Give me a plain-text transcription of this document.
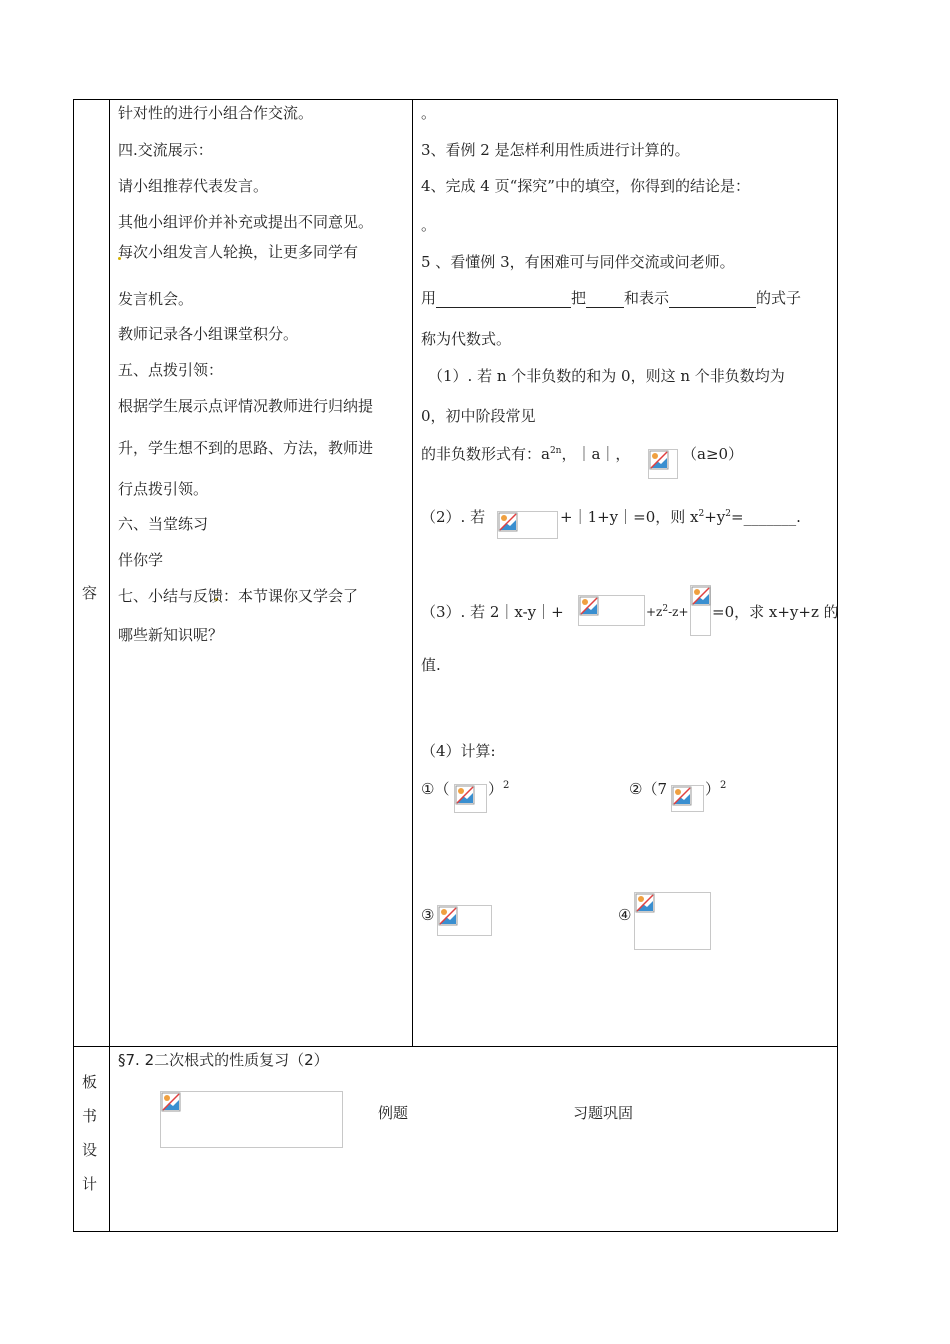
容
针对性的进行小组合作交流。
四.交流展示：
请小组推荐代表发言。
其他小组评价并补充或提出不同意见。
每次小组发言人轮换，让更多同学有
发言机会。
教师记录各小组课堂积分。
五、点拨引领：
根据学生展示点评情况教师进行归纳提
升，学生想不到的思路、方法，教师进
行点拨引领。
六、当堂练习
伴你学
七、小结与反馈：本节课你又学会了
哪些新知识呢？
。
3、看例 2 是怎样利用性质进行计算的。
4、完成 4 页“探究”中的填空，你得到的结论是：
。
5 、看懂例 3，有困难可与同伴交流或问老师。
用	把	和表示	的式子
称为代数式。
（1）. 若 n 个非负数的和为 0，则这 n 个非负数均为
0，初中阶段常见
的非负数形式有：$a^{2n}$，｜a｜，	（a≥0）
（2）. 若	+｜1+y｜=0，则 $x^2+y^2=\_\_\_\_\_\_\_$.
（3）. 若 2｜x-y｜+	$+z^2-z+ =0$，求 x+y+z 的
值.
（4）计算:
①（	）$^2$	②（7	）$^2$
③	④
板
书
设
计
§7. 2二次根式的性质复习（2）
例题	习题巩固
